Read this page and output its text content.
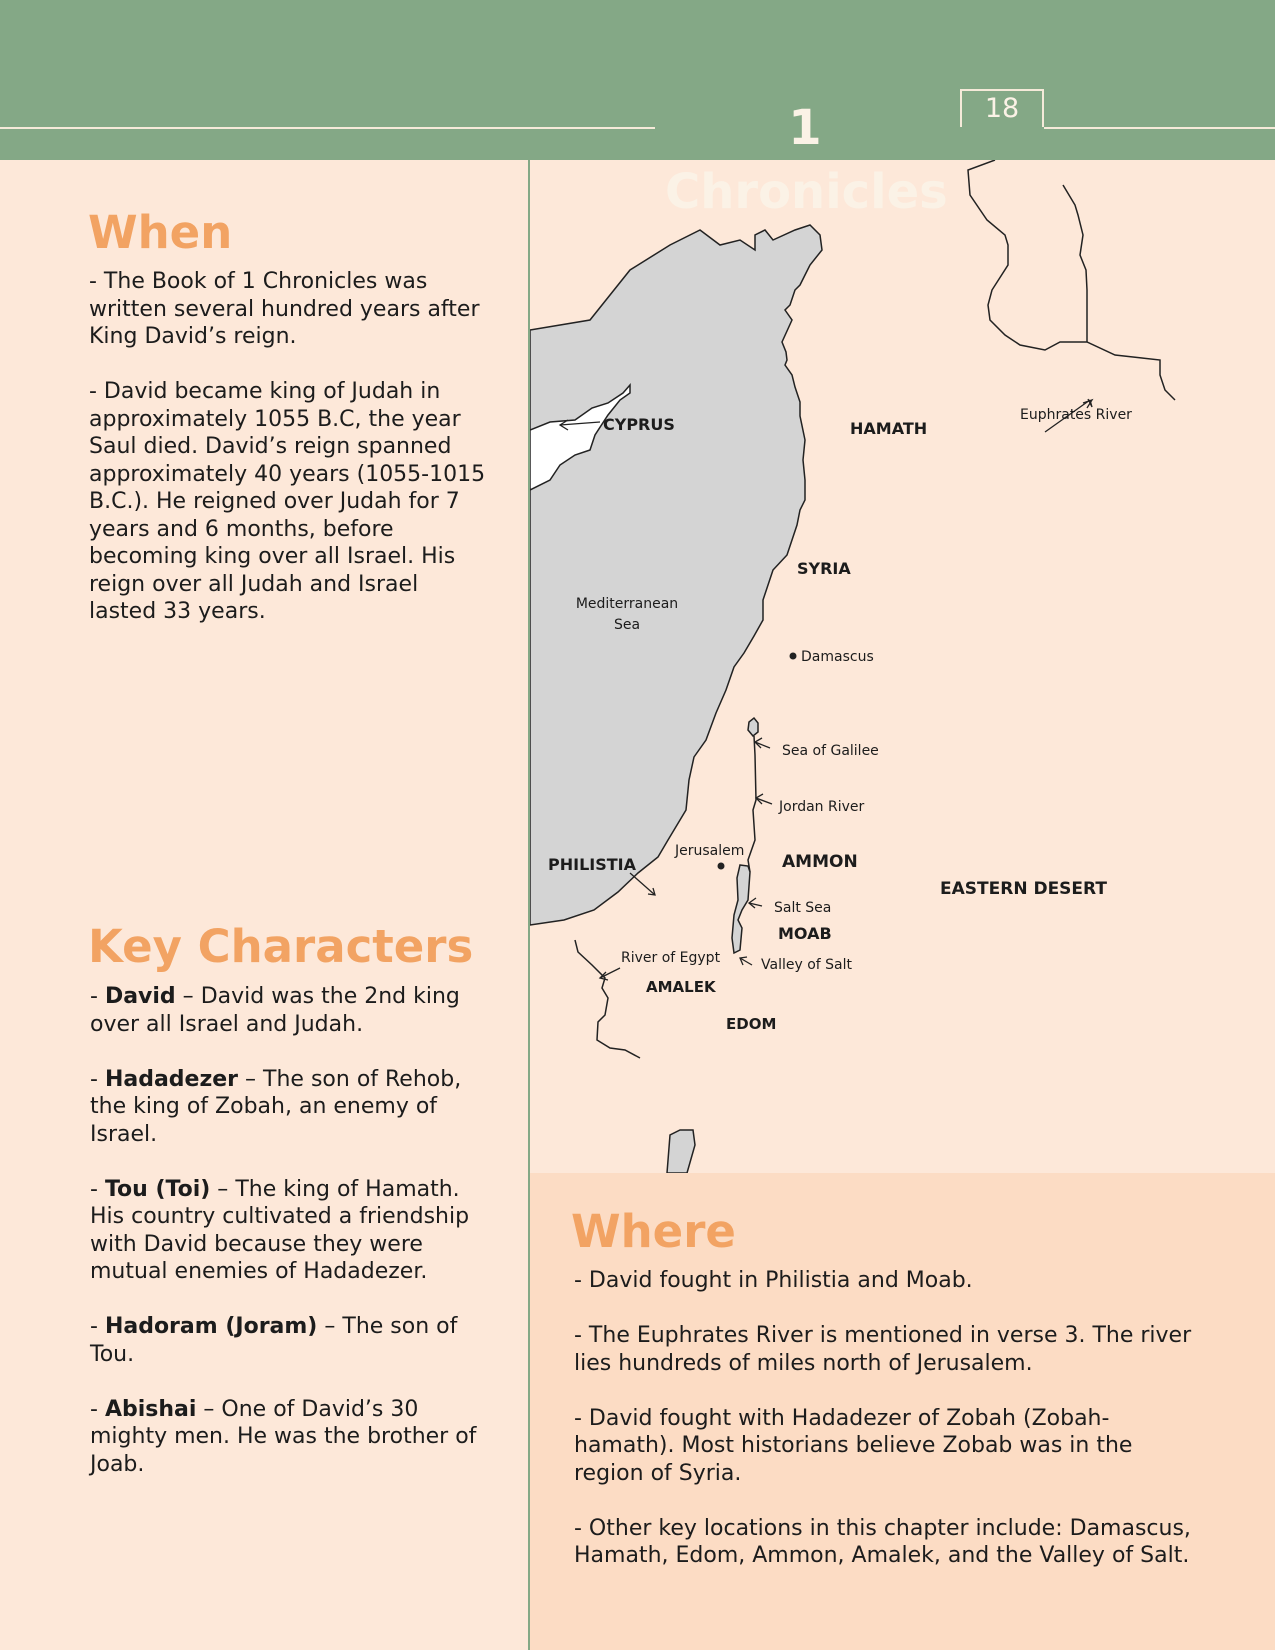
1 Chronicles
18
CYPRUS	HAMATH
Euphrates River
SYRIA
Mediterranean
Sea
Damascus
Sea of Galilee
Jordan River
Jerusalem
PHILISTIA	AMMON
EASTERN DESERT
Salt Sea
MOAB
River of Egypt	Valley of Salt
AMALEK
EDOM
When

- The Book of 1 Chronicles was written several hundred years after King David’s reign.

- David became king of Judah in approximately 1055 B.C, the year Saul died. David’s reign spanned approximately 40 years (1055-1015 B.C.). He reigned over Judah for 7 years and 6 months, before becoming king over all Israel. His reign over all Judah and Israel lasted 33 years.

Key Characters

- David – David was the 2nd king over all Israel and Judah.

- Hadadezer – The son of Rehob, the king of Zobah, an enemy of Israel.

- Tou (Toi) – The king of Hamath. His country cultivated a friendship with David because they were mutual enemies of Hadadezer.

- Hadoram (Joram) – The son of Tou.

- Abishai – One of David’s 30 mighty men. He was the brother of Joab.

Where

- David fought in Philistia and Moab.

- The Euphrates River is mentioned in verse 3. The river lies hundreds of miles north of Jerusalem.

- David fought with Hadadezer of Zobah (Zobah-hamath). Most historians believe Zobab was in the region of Syria.

- Other key locations in this chapter include: Damascus, Hamath, Edom, Ammon, Amalek, and the Valley of Salt.
